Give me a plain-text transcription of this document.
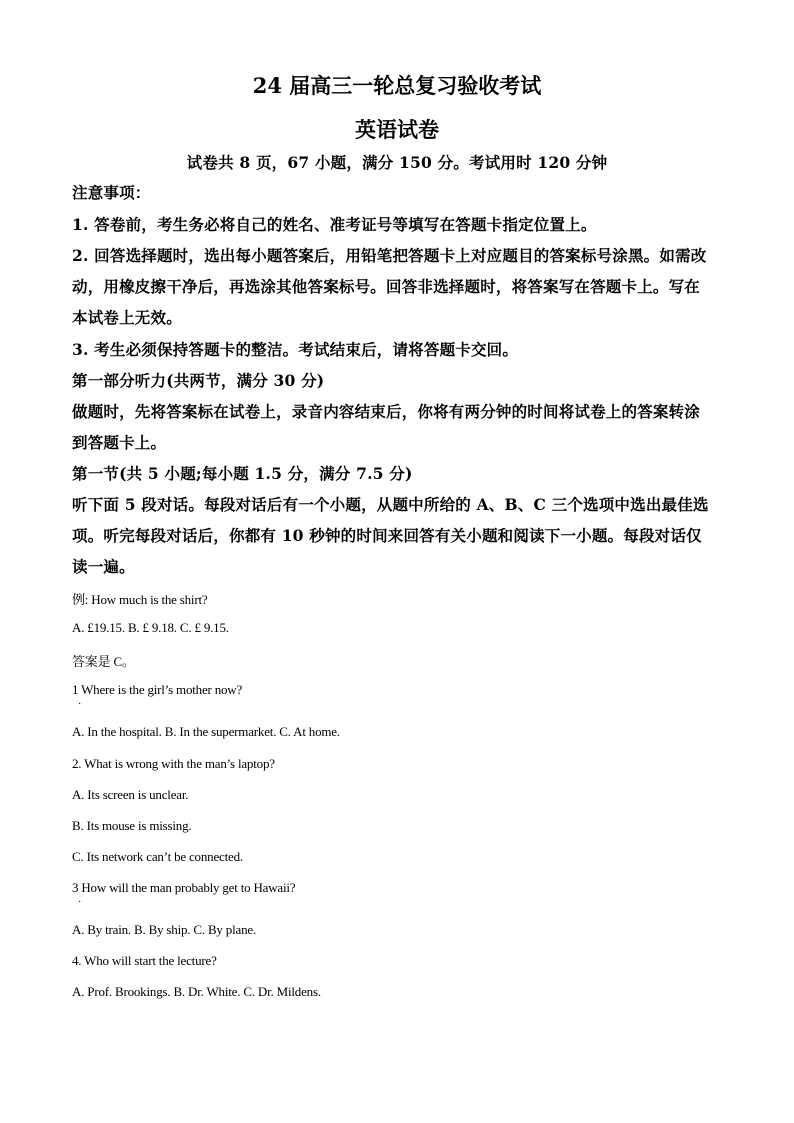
24 届高三一轮总复习验收考试
英语试卷
试卷共 8 页，67 小题，满分 150 分。考试用时 120 分钟
注意事项：
1. 答卷前，考生务必将自己的姓名、准考证号等填写在答题卡指定位置上。
2. 回答选择题时，选出每小题答案后，用铅笔把答题卡上对应题目的答案标号涂黑。如需改
动，用橡皮擦干净后，再选涂其他答案标号。回答非选择题时，将答案写在答题卡上。写在
本试卷上无效。
3. 考生必须保持答题卡的整洁。考试结束后，请将答题卡交回。
第一部分听力(共两节，满分 30 分)
做题时，先将答案标在试卷上，录音内容结束后，你将有两分钟的时间将试卷上的答案转涂
到答题卡上。
第一节(共 5 小题;每小题 1.5 分，满分 7.5 分)
听下面 5 段对话。每段对话后有一个小题，从题中所给的 A、B、C 三个选项中选出最佳选
项。听完每段对话后，你都有 10 秒钟的时间来回答有关小题和阅读下一小题。每段对话仅
读一遍。
例: How much is the shirt?
A. £19.15. B. £ 9.18. C. £ 9.15.
答案是 C。
1 Where is the girl’s mother now?
·
A. In the hospital. B. In the supermarket. C. At home.
2. What is wrong with the man’s laptop?
A. Its screen is unclear.
B. Its mouse is missing.
C. Its network can’t be connected.
3 How will the man probably get to Hawaii?
·
A. By train. B. By ship. C. By plane.
4. Who will start the lecture?
A. Prof. Brookings. B. Dr. White. C. Dr. Mildens.
